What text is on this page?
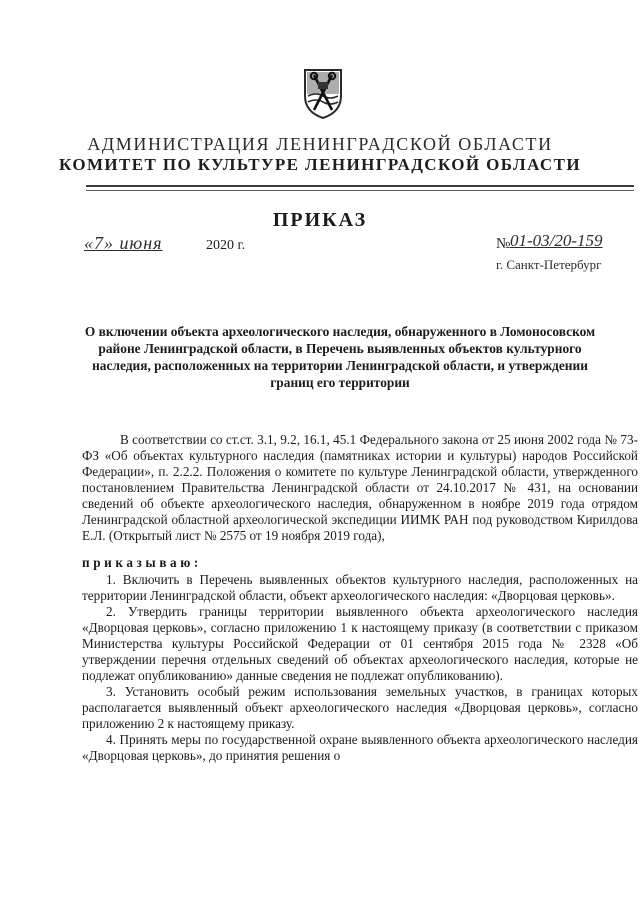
АДМИНИСТРАЦИЯ ЛЕНИНГРАДСКОЙ ОБЛАСТИ
КОМИТЕТ ПО КУЛЬТУРЕ ЛЕНИНГРАДСКОЙ ОБЛАСТИ
ПРИКАЗ
«7» июня	2020 г.	№ 01-03/20-159
г. Санкт-Петербург
О включении объекта археологического наследия, обнаруженного в Ломоносовском районе Ленинградской области, в Перечень выявленных объектов культурного наследия, расположенных на территории Ленинградской области, и утверждении границ его территории

В соответствии со ст.ст. 3.1, 9.2, 16.1, 45.1 Федерального закона от 25 июня 2002 года № 73-ФЗ «Об объектах культурного наследия (памятниках истории и культуры) народов Российской Федерации», п. 2.2.2. Положения о комитете по культуре Ленинградской области, утвержденного постановлением Правительства Ленинградской области от 24.10.2017 № 431, на основании сведений об объекте археологического наследия, обнаруженном в ноябре 2019 года отрядом Ленинградской областной археологической экспедиции ИИМК РАН под руководством Кирилдова Е.Л. (Открытый лист № 2575 от 19 ноября 2019 года),

приказываю:

1. Включить в Перечень выявленных объектов культурного наследия, расположенных на территории Ленинградской области, объект археологического наследия: «Дворцовая церковь».

2. Утвердить границы территории выявленного объекта археологического наследия «Дворцовая церковь», согласно приложению 1 к настоящему приказу (в соответствии с приказом Министерства культуры Российской Федерации от 01 сентября 2015 года № 2328 «Об утверждении перечня отдельных сведений об объектах археологического наследия, которые не подлежат опубликованию» данные сведения не подлежат опубликованию).

3. Установить особый режим использования земельных участков, в границах которых располагается выявленный объект археологического наследия «Дворцовая церковь», согласно приложению 2 к настоящему приказу.

4. Принять меры по государственной охране выявленного объекта археологического наследия «Дворцовая церковь», до принятия решения о
